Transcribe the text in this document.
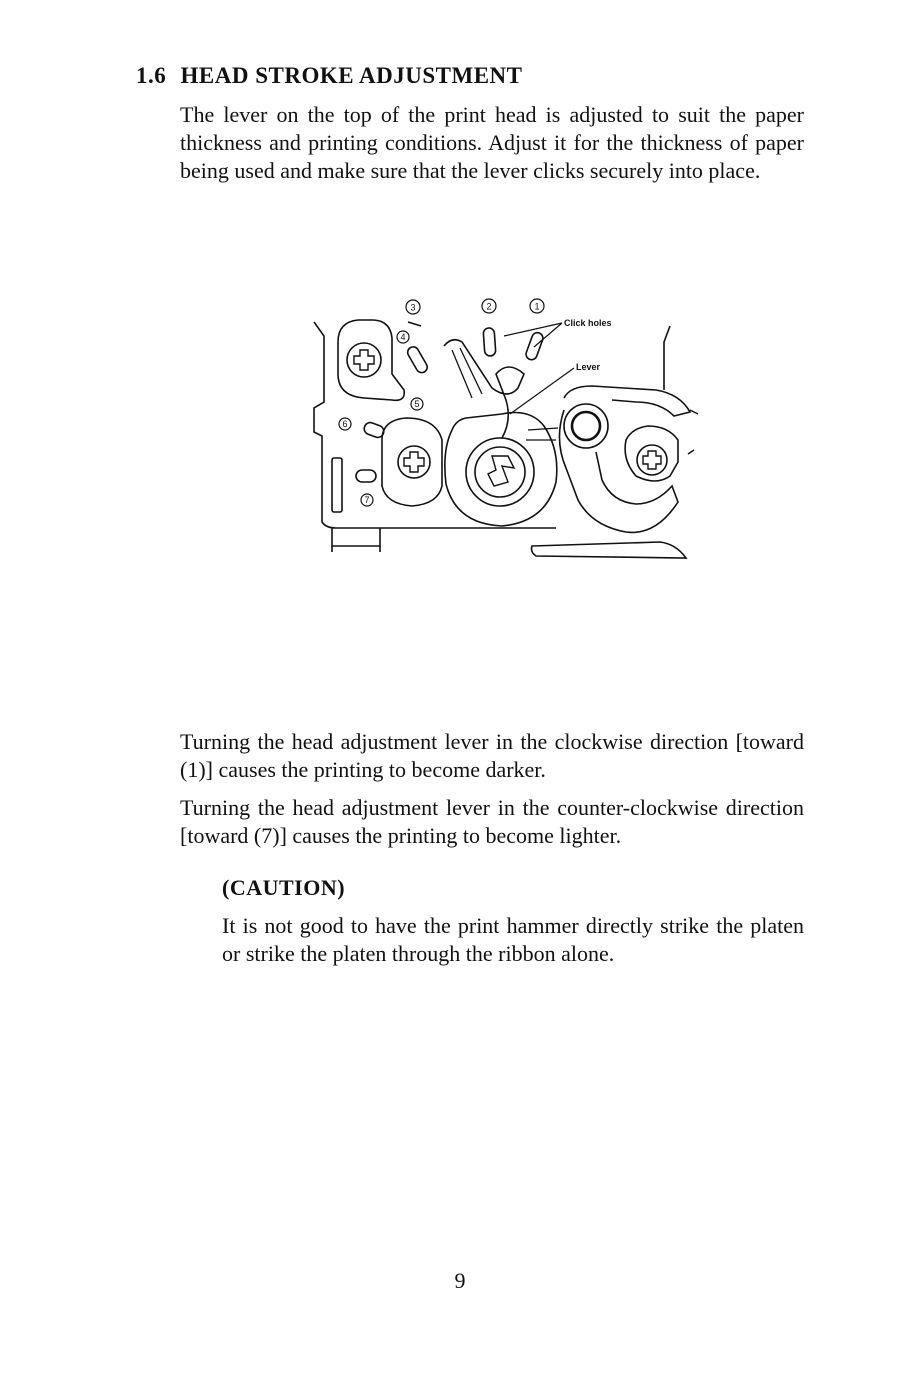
1.6 HEAD STROKE ADJUSTMENT

The lever on the top of the print head is adjusted to suit the paper thickness and printing conditions. Adjust it for the thickness of paper being used and make sure that the lever clicks securely into place.

3	2	1
4
5
6
7
Click holes
Lever

Turning the head adjustment lever in the clockwise direction [toward (1)] causes the printing to become darker.

Turning the head adjustment lever in the counter-clockwise direction [toward (7)] causes the printing to become lighter.

(CAUTION)

It is not good to have the print hammer directly strike the platen or strike the platen through the ribbon alone.

9
